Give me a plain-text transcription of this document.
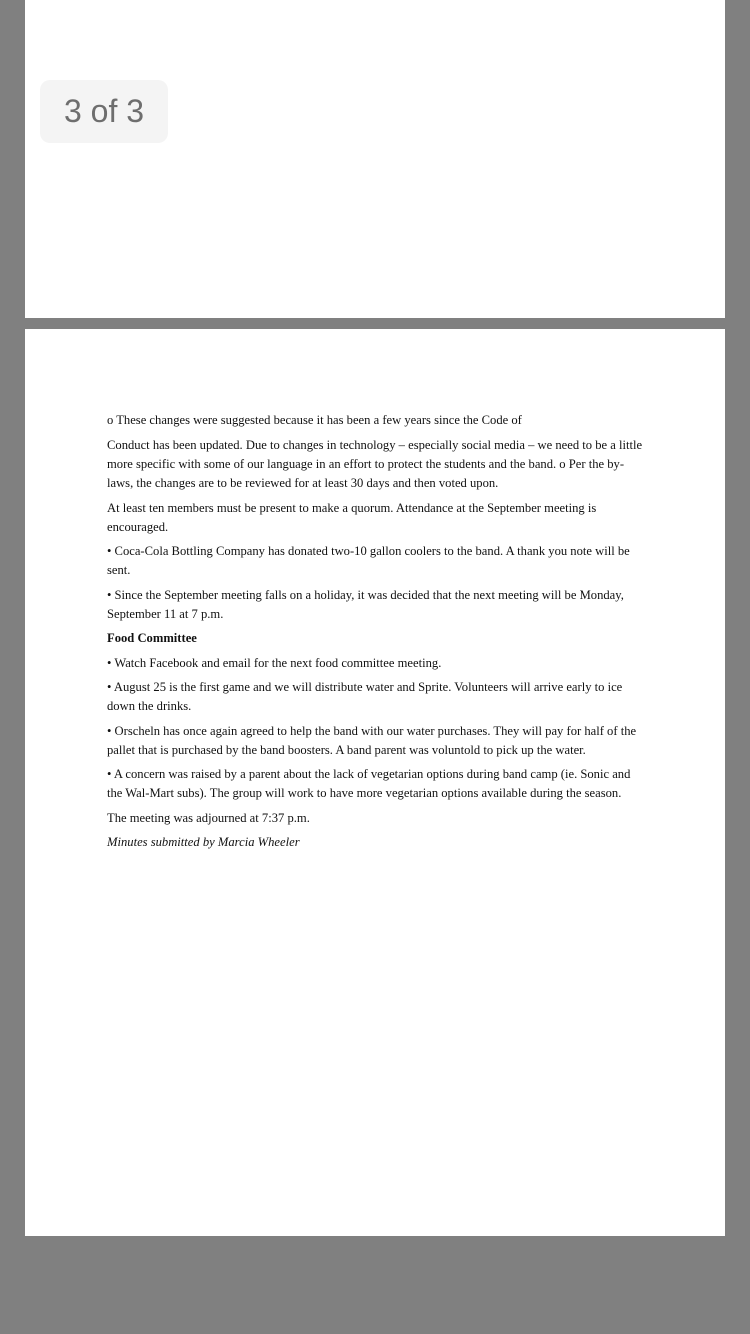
3 of 3

o These changes were suggested because it has been a few years since the Code of

Conduct has been updated. Due to changes in technology – especially social media – we need to be a little more specific with some of our language in an effort to protect the students and the band. o Per the by-laws, the changes are to be reviewed for at least 30 days and then voted upon.

At least ten members must be present to make a quorum. Attendance at the September meeting is encouraged.

• Coca-Cola Bottling Company has donated two-10 gallon coolers to the band. A thank you note will be sent.

• Since the September meeting falls on a holiday, it was decided that the next meeting will be Monday, September 11 at 7 p.m.

Food Committee

• Watch Facebook and email for the next food committee meeting.

• August 25 is the first game and we will distribute water and Sprite. Volunteers will arrive early to ice down the drinks.

• Orscheln has once again agreed to help the band with our water purchases. They will pay for half of the pallet that is purchased by the band boosters. A band parent was voluntold to pick up the water.

• A concern was raised by a parent about the lack of vegetarian options during band camp (ie. Sonic and the Wal-Mart subs). The group will work to have more vegetarian options available during the season.

The meeting was adjourned at 7:37 p.m.

Minutes submitted by Marcia Wheeler
